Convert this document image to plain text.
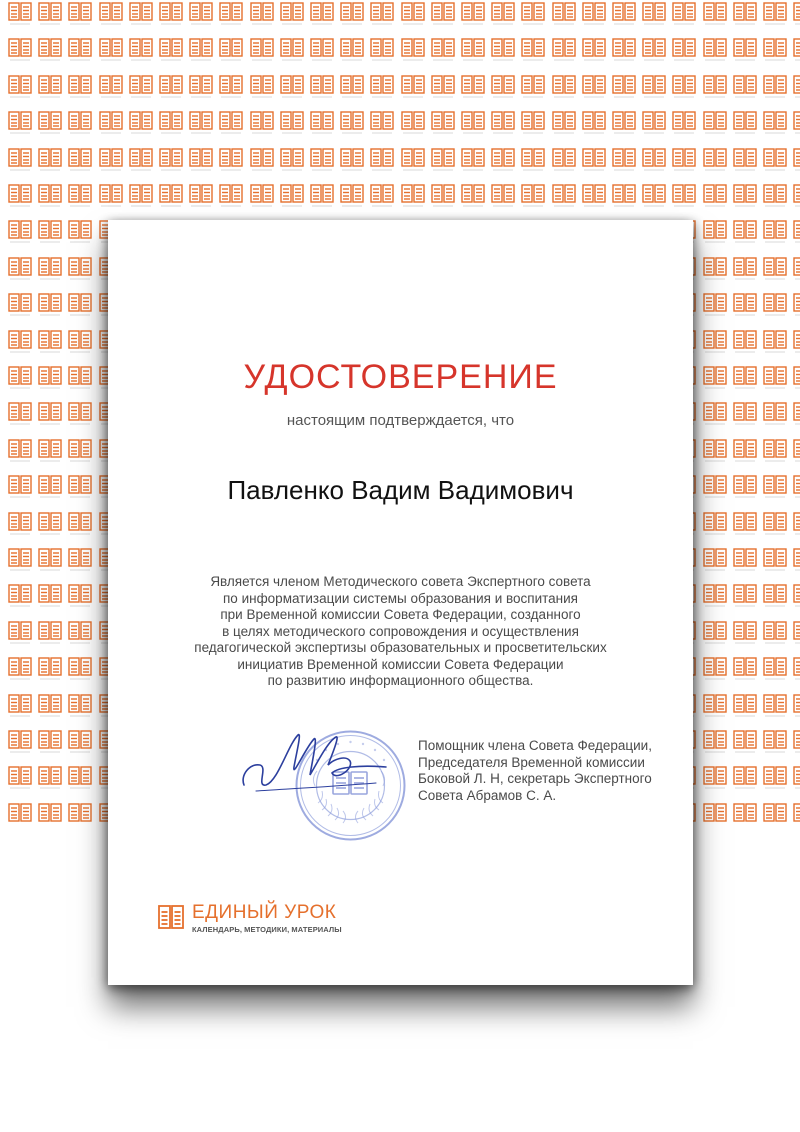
УДОСТОВЕРЕНИЕ
настоящим подтверждается, что
Павленко Вадим Вадимович
Является членом Методического совета Экспертного совета
по информатизации системы образования и воспитания
при Временной комиссии Совета Федерации, созданного
в целях методического сопровождения и осуществления
педагогической экспертизы образовательных и просветительских
инициатив Временной комиссии Совета Федерации
по развитию информационного общества.
Помощник члена Совета Федерации,
Председателя Временной комиссии
Боковой Л. Н, секретарь Экспертного
Совета Абрамов С. А.
ЕДИНЫЙ УРОК
КАЛЕНДАРЬ, МЕТОДИКИ, МАТЕРИАЛЫ
